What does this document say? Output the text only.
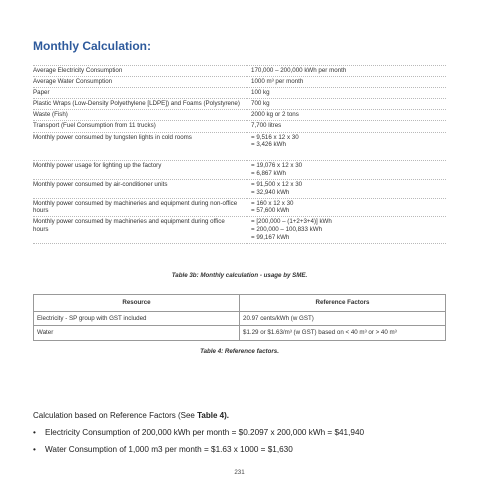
Monthly Calculation:
Average Electricity Consumption	170,000 – 200,000 kWh per month
Average Water Consumption	1000 m³ per month
Paper	100 kg
Plastic Wraps (Low-Density Polyethylene [LDPE]) and Foams (Polystyrene)	700 kg
Waste (Fish)	2000 kg or 2 tons
Transport (Fuel Consumption from 11 trucks)	7,700 litres
Monthly power consumed by tungsten lights in cold rooms	= 9,516 x 12 x 30
= 3,426 kWh

Monthly power usage for lighting up the factory	= 19,076 x 12 x 30
= 6,867 kWh
Monthly power consumed by air-conditioner units	= 91,500 x 12 x 30
= 32,940 kWh
Monthly power consumed by machineries and equipment during non-office hours	= 160 x 12 x 30
= 57,600 kWh
Monthly power consumed by machineries and equipment during office hours	= [200,000 – (1+2+3+4)] kWh
= 200,000 – 100,833 kWh
= 99,167 kWh
Table 3b: Monthly calculation - usage by SME.
Resource	Reference Factors
Electricity - SP group with GST included	20.97 cents/kWh (w GST)
Water	$1.29 or $1.63/m³ (w GST) based on < 40 m³ or > 40 m³
Table 4: Reference factors.
Calculation based on Reference Factors (See Table 4).
• Electricity Consumption of 200,000 kWh per month = $0.2097 x 200,000 kWh = $41,940
• Water Consumption of 1,000 m3 per month = $1.63 x 1000 = $1,630
231
